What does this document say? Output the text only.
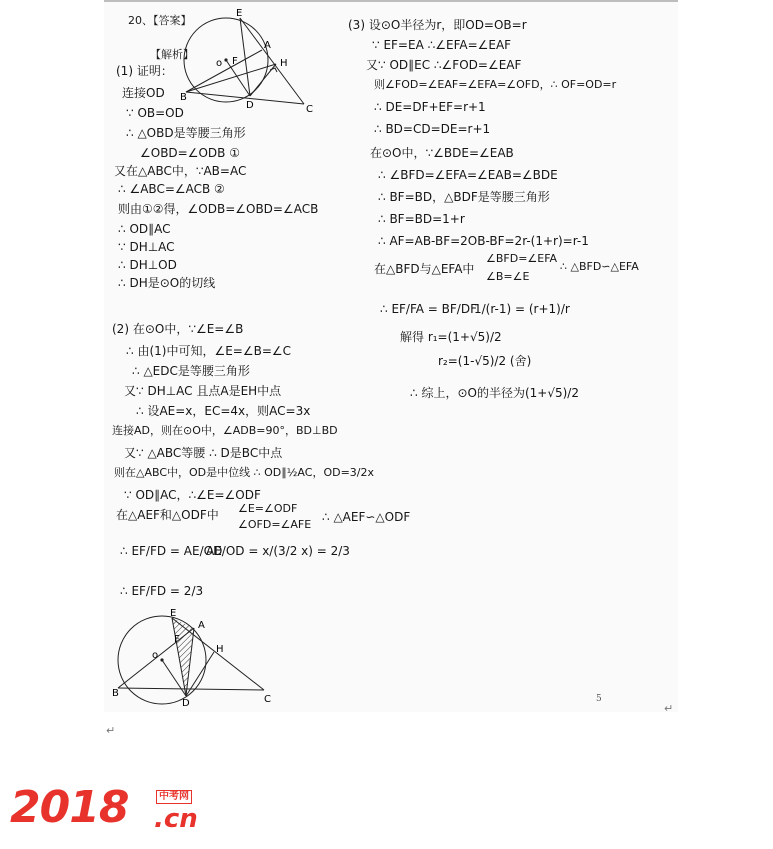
20、【答案】
【解析】
E
A
F
o	H
B
D	C
(1) 证明：
连接OD
∵ OB=OD
∴ △OBD是等腰三角形
∠OBD=∠ODB ①
又在△ABC中，∵AB=AC
∴ ∠ABC=∠ACB ②
则由①②得，∠ODB=∠OBD=∠ACB
∴ OD∥AC
∵ DH⊥AC
∴ DH⊥OD
∴ DH是⊙O的切线
(2) 在⊙O中，∵∠E=∠B
∴ 由(1)中可知，∠E=∠B=∠C
∴ △EDC是等腰三角形
又∵ DH⊥AC 且点A是EH中点
∴ 设AE=x，EC=4x，则AC=3x
连接AD，则在⊙O中，∠ADB=90°，BD⊥BD
又∵ △ABC等腰 ∴ D是BC中点
则在△ABC中，OD是中位线 ∴ OD∥½AC，OD=3/2x
∵ OD∥AC，∴∠E=∠ODF
在△AEF和△ODF中 ∠E=∠ODF
∠OFD=∠AFE
∴ △AEF∽△ODF
∴ EF/FD = AE/OD
AE/OD = x/(3/2 x) = 2/3
∴ EF/FD = 2/3
E
A
F
o
H
B
D	C
(3) 设⊙O半径为r，即OD=OB=r
∵ EF=EA ∴∠EFA=∠EAF
又∵ OD∥EC ∴∠FOD=∠EAF
则∠FOD=∠EAF=∠EFA=∠OFD，∴ OF=OD=r
∴ DE=DF+EF=r+1
∴ BD=CD=DE=r+1
在⊙O中，∵∠BDE=∠EAB
∴ ∠BFD=∠EFA=∠EAB=∠BDE
∴ BF=BD，△BDF是等腰三角形
∴ BF=BD=1+r
∴ AF=AB-BF=2OB-BF=2r-(1+r)=r-1
在△BFD与△EFA中
∠BFD=∠EFA
∠B=∠E
∴ △BFD∽△EFA
∴ EF/FA = BF/DF
1/(r-1) = (r+1)/r
解得 r₁=(1+√5)/2
r₂=(1-√5)/2 (舍)
∴ 综上，⊙O的半径为(1+√5)/2
5
↵
↵
2018	中考网
.cn
